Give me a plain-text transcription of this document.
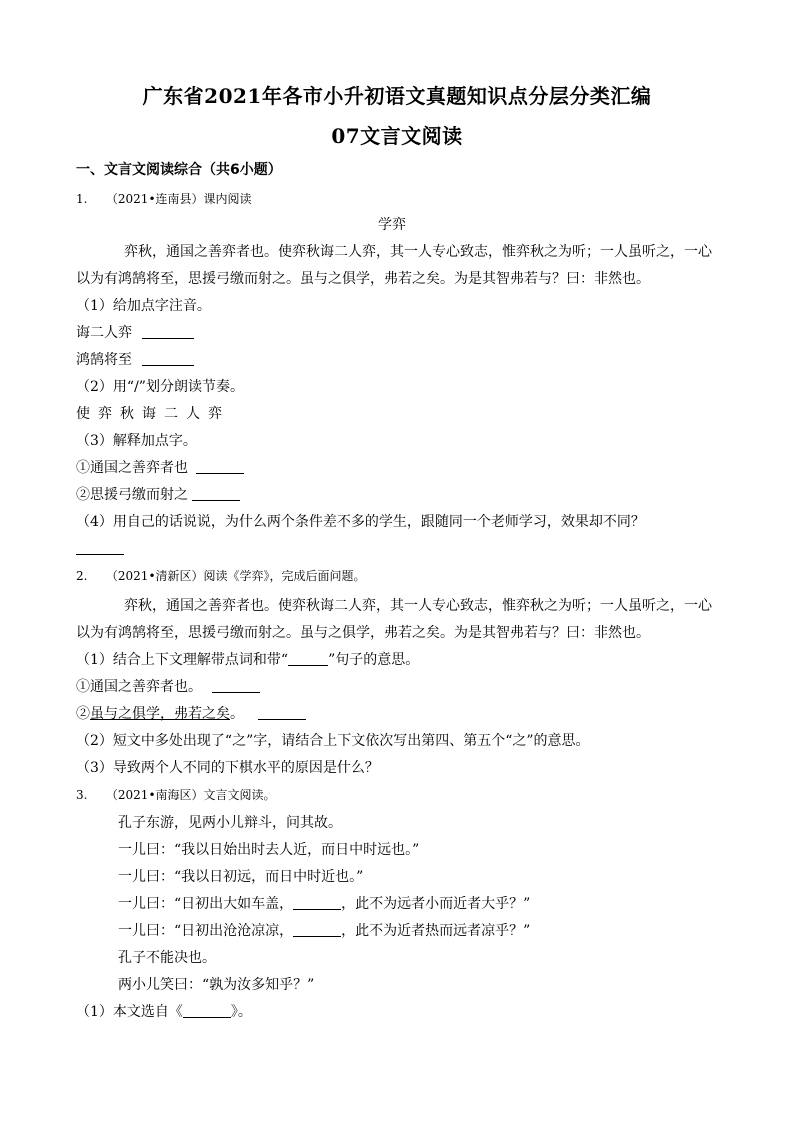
广东省2021年各市小升初语文真题知识点分层分类汇编
07文言文阅读
一、文言文阅读综合（共6小题）
1. （2021•连南县）课内阅读
学弈
弈秋，通国之善弈者也。使弈秋诲二人弈，其一人专心致志，惟弈秋之为听；一人虽听之，一心
以为有鸿鹄将至，思援弓缴而射之。虽与之俱学，弗若之矣。为是其智弗若与？曰：非然也。
（1）给加点字注音。
诲二人弈
鸿鹄将至
（2）用“/”划分朗读节奏。
使 弈 秋 诲 二 人 弈
（3）解释加点字。
①通国之善弈者也
②思援弓缴而射之
（4）用自己的话说说，为什么两个条件差不多的学生，跟随同一个老师学习，效果却不同？
2. （2021•清新区）阅读《学弈》，完成后面问题。
弈秋，通国之善弈者也。使弈秋诲二人弈，其一人专心致志，惟弈秋之为听；一人虽听之，一心
以为有鸿鹄将至，思援弓缴而射之。虽与之俱学，弗若之矣。为是其智弗若与？曰：非然也。
（1）结合上下文理解带点词和带“	”句子的意思。
①通国之善弈者也。
②虽与之俱学，弗若之矣。
（2）短文中多处出现了“之”字，请结合上下文依次写出第四、第五个“之”的意思。
（3）导致两个人不同的下棋水平的原因是什么？
3. （2021•南海区）文言文阅读。
孔子东游，见两小儿辩斗，问其故。
一儿曰：“我以日始出时去人近，而日中时远也。”
一儿曰：“我以日初远，而日中时近也。”
一儿曰：“日初出大如车盖，	，此不为远者小而近者大乎？”
一儿曰：“日初出沧沧凉凉，	，此不为近者热而远者凉乎？”
孔子不能决也。
两小儿笑曰：“孰为汝多知乎？”
（1）本文选自《	》。
